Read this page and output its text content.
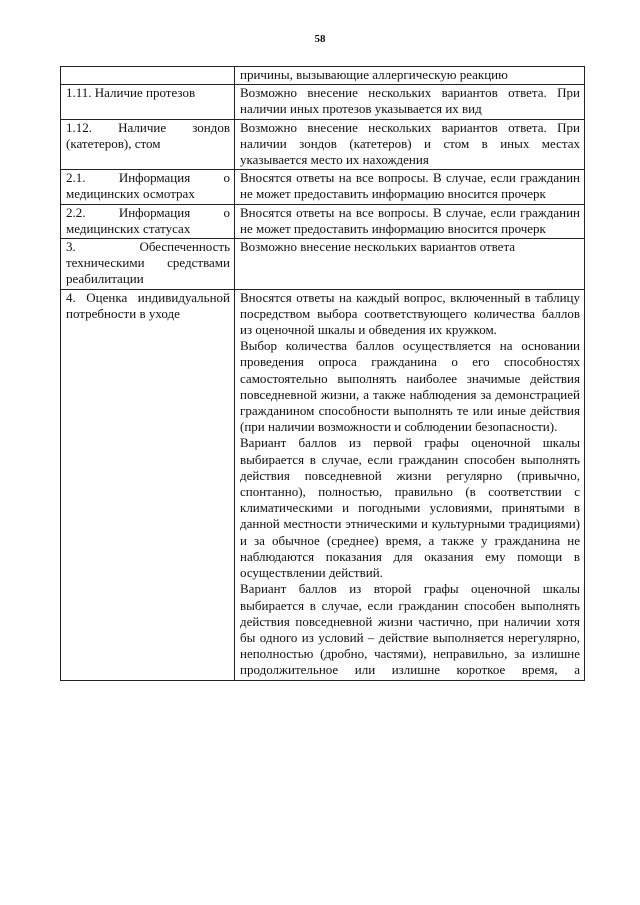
58

	причины, вызывающие аллергическую реакцию

1.11. Наличие протезов	Возможно внесение нескольких вариантов ответа. При наличии иных протезов указывается их вид

1.12. Наличие зондов (катетеров), стом	Возможно внесение нескольких вариантов ответа. При наличии зондов (катетеров) и стом в иных местах указывается место их нахождения

2.1. Информация о медицинских осмотрах	Вносятся ответы на все вопросы. В случае, если гражданин не может предоставить информацию вносится прочерк

2.2. Информация о медицинских статусах	Вносятся ответы на все вопросы. В случае, если гражданин не может предоставить информацию вносится прочерк

3. Обеспеченность техническими средствами реабилитации	Возможно внесение нескольких вариантов ответа

4. Оценка индивидуальной потребности в уходе	Вносятся ответы на каждый вопрос, включенный в таблицу посредством выбора соответствующего количества баллов из оценочной шкалы и обведения их кружком.
Выбор количества баллов осуществляется на основании проведения опроса гражданина о его способностях самостоятельно выполнять наиболее значимые действия повседневной жизни, а также наблюдения за демонстрацией гражданином способности выполнять те или иные действия (при наличии возможности и соблюдении безопасности).
Вариант баллов из первой графы оценочной шкалы выбирается в случае, если гражданин способен выполнять действия повседневной жизни регулярно (привычно, спонтанно), полностью, правильно (в соответствии с климатическими и погодными условиями, принятыми в данной местности этническими и культурными традициями) и за обычное (среднее) время, а также у гражданина не наблюдаются показания для оказания ему помощи в осуществлении действий.
Вариант баллов из второй графы оценочной шкалы выбирается в случае, если гражданин способен выполнять действия повседневной жизни частично, при наличии хотя бы одного из условий – действие выполняется нерегулярно, неполностью (дробно, частями), неправильно, за излишне продолжительное или излишне короткое время, а
